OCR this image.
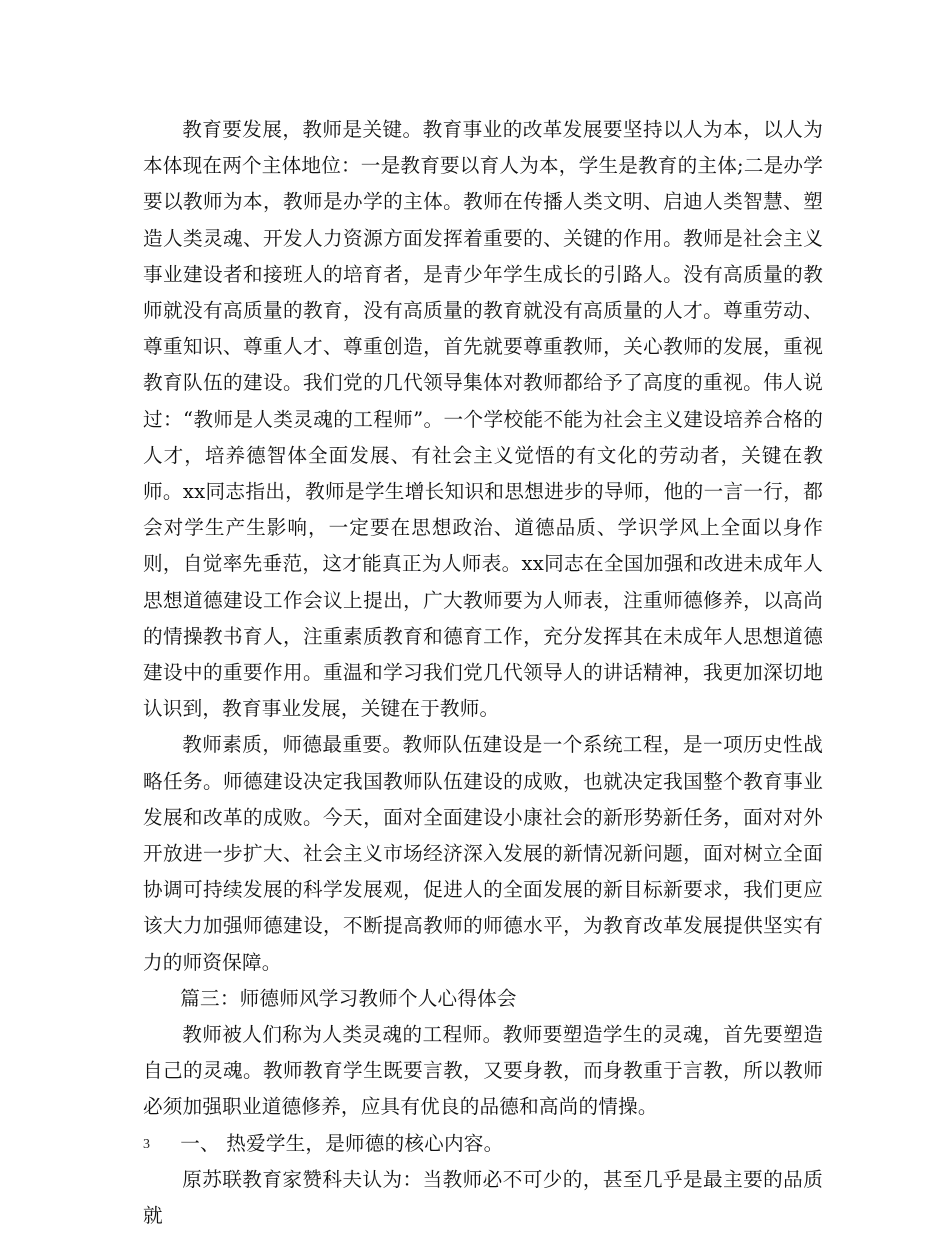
教育要发展，教师是关键。教育事业的改革发展要坚持以人为本，以人为本体现在两个主体地位：一是教育要以育人为本，学生是教育的主体;二是办学要以教师为本，教师是办学的主体。教师在传播人类文明、启迪人类智慧、塑造人类灵魂、开发人力资源方面发挥着重要的、关键的作用。教师是社会主义事业建设者和接班人的培育者，是青少年学生成长的引路人。没有高质量的教师就没有高质量的教育，没有高质量的教育就没有高质量的人才。尊重劳动、尊重知识、尊重人才、尊重创造，首先就要尊重教师，关心教师的发展，重视教育队伍的建设。我们党的几代领导集体对教师都给予了高度的重视。伟人说过：“教师是人类灵魂的工程师”。一个学校能不能为社会主义建设培养合格的人才，培养德智体全面发展、有社会主义觉悟的有文化的劳动者，关键在教师。xx同志指出，教师是学生增长知识和思想进步的导师，他的一言一行，都会对学生产生影响，一定要在思想政治、道德品质、学识学风上全面以身作则，自觉率先垂范，这才能真正为人师表。xx同志在全国加强和改进未成年人思想道德建设工作会议上提出，广大教师要为人师表，注重师德修养，以高尚的情操教书育人，注重素质教育和德育工作，充分发挥其在未成年人思想道德建设中的重要作用。重温和学习我们党几代领导人的讲话精神，我更加深切地认识到，教育事业发展，关键在于教师。

教师素质，师德最重要。教师队伍建设是一个系统工程，是一项历史性战略任务。师德建设决定我国教师队伍建设的成败，也就决定我国整个教育事业发展和改革的成败。今天，面对全面建设小康社会的新形势新任务，面对对外开放进一步扩大、社会主义市场经济深入发展的新情况新问题，面对树立全面协调可持续发展的科学发展观，促进人的全面发展的新目标新要求，我们更应该大力加强师德建设，不断提高教师的师德水平，为教育改革发展提供坚实有力的师资保障。

篇三：师德师风学习教师个人心得体会

教师被人们称为人类灵魂的工程师。教师要塑造学生的灵魂，首先要塑造自己的灵魂。教师教育学生既要言教，又要身教，而身教重于言教，所以教师必须加强职业道德修养，应具有优良的品德和高尚的情操。

一、 热爱学生，是师德的核心内容。

原苏联教育家赞科夫认为：当教师必不可少的，甚至几乎是最主要的品质就

3
